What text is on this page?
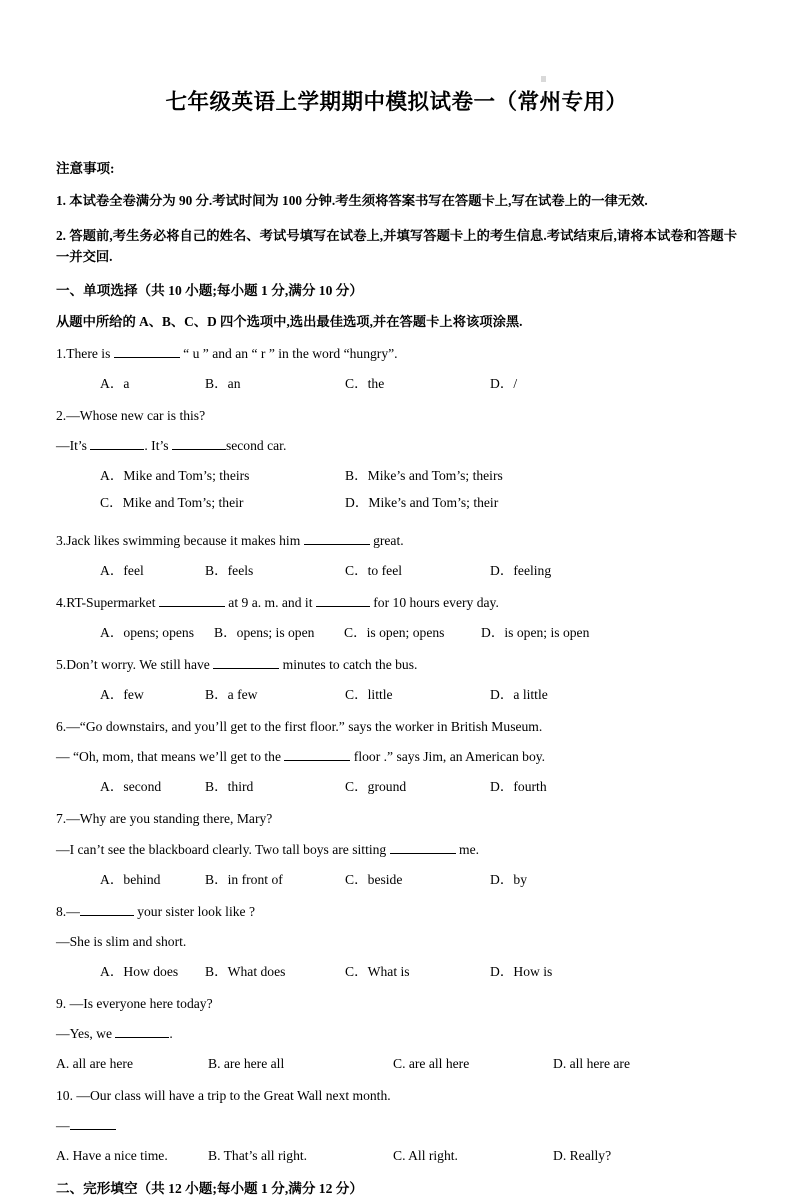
七年级英语上学期期中模拟试卷一（常州专用）
注意事项:
1. 本试卷全卷满分为 90 分.考试时间为 100 分钟.考生须将答案书写在答题卡上,写在试卷上的一律无效.
2. 答题前,考生务必将自己的姓名、考试号填写在试卷上,并填写答题卡上的考生信息.考试结束后,请将本试卷和答题卡一并交回.
一、单项选择（共 10 小题;每小题 1 分,满分 10 分）
从题中所给的 A、B、C、D 四个选项中,选出最佳选项,并在答题卡上将该项涂黑.
1.There is	“ u ” and an “ r ” in the word “hungry”.
A．a	B．an	C．the	D．/
2.—Whose new car is this?
—It’s	. It’s	second car.
A．Mike and Tom’s; theirs	B．Mike’s and Tom’s; theirs
C．Mike and Tom’s; their	D．Mike’s and Tom’s; their
3.Jack likes swimming because it makes him	great.
A．feel	B．feels	C．to feel	D．feeling
4.RT-Supermarket	at 9 a. m. and it	for 10 hours every day.
A．opens; opens B．opens; is open C．is open; opens	D．is open; is open
5.Don’t worry. We still have	minutes to catch the bus.
A．few	B．a few	C．little	D．a little
6.—“Go downstairs, and you’ll get to the first floor.” says the worker in British Museum.
— “Oh, mom, that means we’ll get to the	floor .” says Jim, an American boy.
A．second	B．third	C．ground	D．fourth
7.—Why are you standing there, Mary?
—I can’t see the blackboard clearly. Two tall boys are sitting	me.
A．behind	B．in front of	C．beside	D．by
8.—	your sister look like ?
—She is slim and short.
A．How does B．What does	C．What is	D．How is
9. —Is everyone here today?
—Yes, we	.
A. all are here	B. are here all	C. are all here	D. all here are
10. —Our class will have a trip to the Great Wall next month.
—
A. Have a nice time.	B. That’s all right.	C. All right.	D. Really?
二、完形填空（共 12 小题;每小题 1 分,满分 12 分）
